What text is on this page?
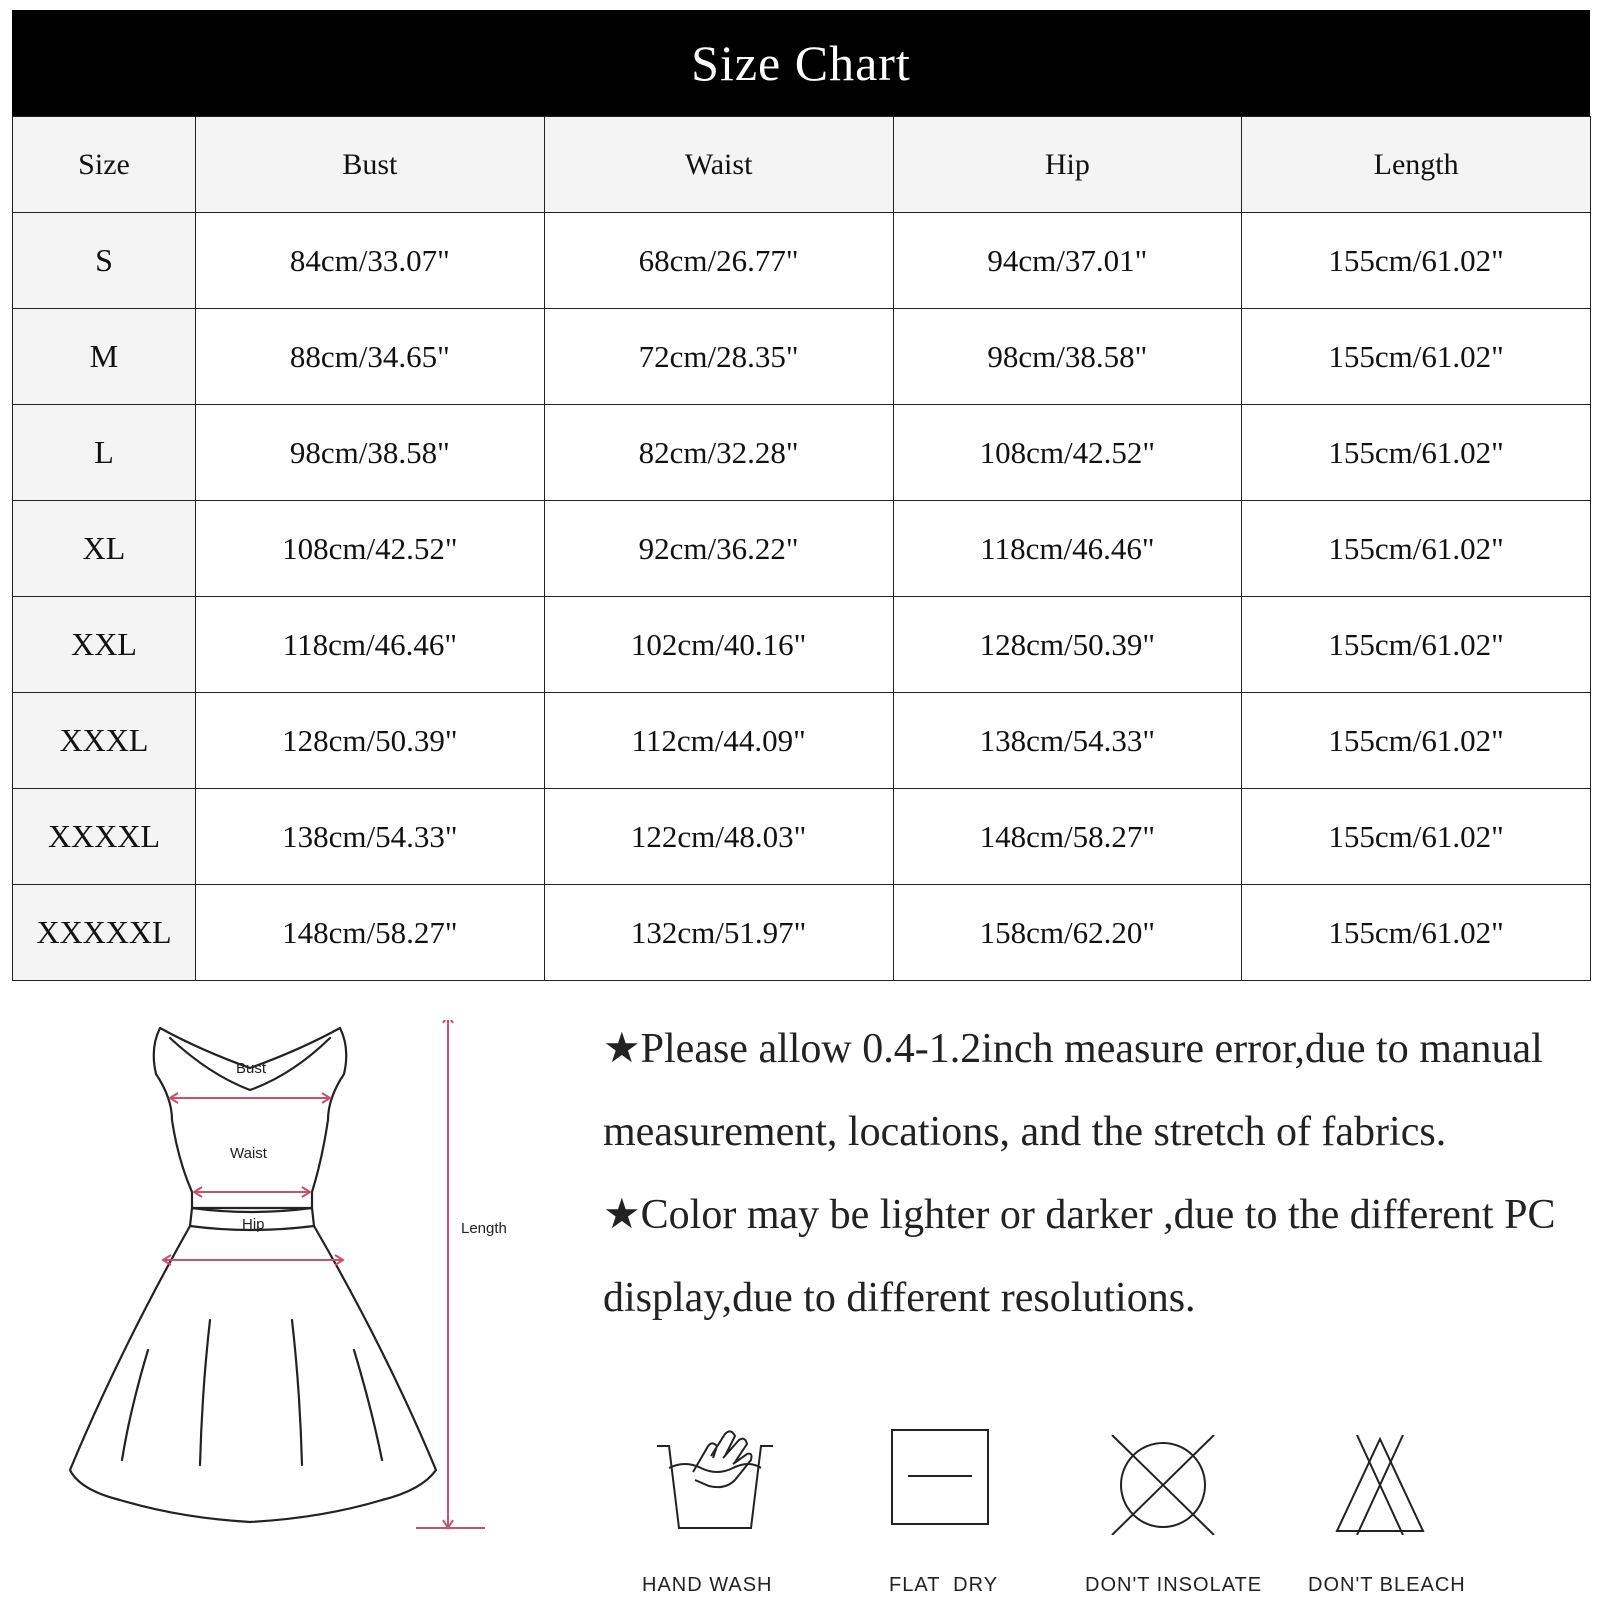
Size Chart
Size	Bust	Waist	Hip	Length
S	84cm/33.07"	68cm/26.77"	94cm/37.01"	155cm/61.02"
M	88cm/34.65"	72cm/28.35"	98cm/38.58"	155cm/61.02"
L	98cm/38.58"	82cm/32.28"	108cm/42.52"	155cm/61.02"
XL	108cm/42.52"	92cm/36.22"	118cm/46.46"	155cm/61.02"
XXL	118cm/46.46"	102cm/40.16"	128cm/50.39"	155cm/61.02"
XXXL	128cm/50.39"	112cm/44.09"	138cm/54.33"	155cm/61.02"
XXXXL	138cm/54.33"	122cm/48.03"	148cm/58.27"	155cm/61.02"
XXXXXL	148cm/58.27"	132cm/51.97"	158cm/62.20"	155cm/61.02"
Bust
Waist
Hip	Length

★Please allow 0.4-1.2inch measure error,due to manual measurement, locations, and the stretch of fabrics.

★Color may be lighter or darker ,due to the different PC display,due to different resolutions.

HAND WASH	FLAT  DRY	DON'T INSOLATE DON'T BLEACH
